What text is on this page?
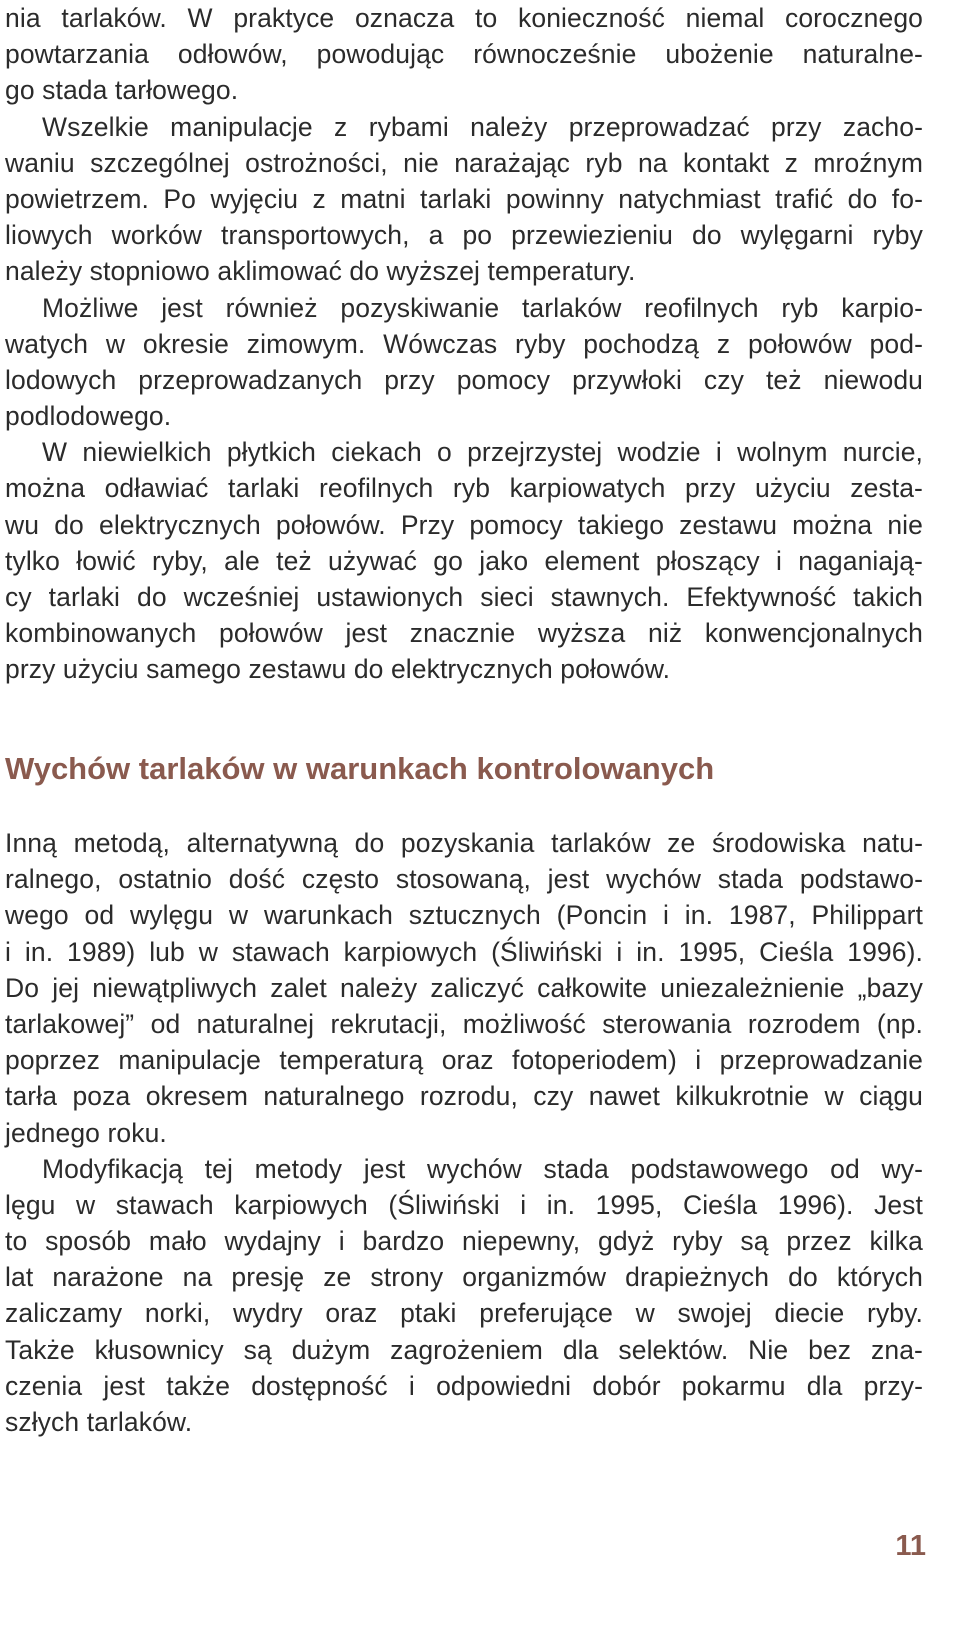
nia tarlaków. W praktyce oznacza to konieczność niemal corocznego
powtarzania odłowów, powodując równocześnie ubożenie naturalne-
go stada tarłowego.
Wszelkie manipulacje z rybami należy przeprowadzać przy zacho-
waniu szczególnej ostrożności, nie narażając ryb na kontakt z mroźnym
powietrzem. Po wyjęciu z matni tarlaki powinny natychmiast trafić do fo-
liowych worków transportowych, a po przewiezieniu do wylęgarni ryby
należy stopniowo aklimować do wyższej temperatury.
Możliwe jest również pozyskiwanie tarlaków reofilnych ryb karpio-
watych w okresie zimowym. Wówczas ryby pochodzą z połowów pod-
lodowych przeprowadzanych przy pomocy przywłoki czy też niewodu
podlodowego.
W niewielkich płytkich ciekach o przejrzystej wodzie i wolnym nurcie,
można odławiać tarlaki reofilnych ryb karpiowatych przy użyciu zesta-
wu do elektrycznych połowów. Przy pomocy takiego zestawu można nie
tylko łowić ryby, ale też używać go jako element płoszący i naganiają-
cy tarlaki do wcześniej ustawionych sieci stawnych. Efektywność takich
kombinowanych połowów jest znacznie wyższa niż konwencjonalnych
przy użyciu samego zestawu do elektrycznych połowów.
Wychów tarlaków w warunkach kontrolowanych
Inną metodą, alternatywną do pozyskania tarlaków ze środowiska natu-
ralnego, ostatnio dość często stosowaną, jest wychów stada podstawo-
wego od wylęgu w warunkach sztucznych (Poncin i in. 1987, Philippart
i in. 1989) lub w stawach karpiowych (Śliwiński i in. 1995, Cieśla 1996).
Do jej niewątpliwych zalet należy zaliczyć całkowite uniezależnienie „bazy
tarlakowej” od naturalnej rekrutacji, możliwość sterowania rozrodem (np.
poprzez manipulacje temperaturą oraz fotoperiodem) i przeprowadzanie
tarła poza okresem naturalnego rozrodu, czy nawet kilkukrotnie w ciągu
jednego roku.
Modyfikacją tej metody jest wychów stada podstawowego od wy-
lęgu w stawach karpiowych (Śliwiński i in. 1995, Cieśla 1996). Jest
to sposób mało wydajny i bardzo niepewny, gdyż ryby są przez kilka
lat narażone na presję ze strony organizmów drapieżnych do których
zaliczamy norki, wydry oraz ptaki preferujące w swojej diecie ryby.
Także kłusownicy są dużym zagrożeniem dla selektów. Nie bez zna-
czenia jest także dostępność i odpowiedni dobór pokarmu dla przy-
szłych tarlaków.
11
